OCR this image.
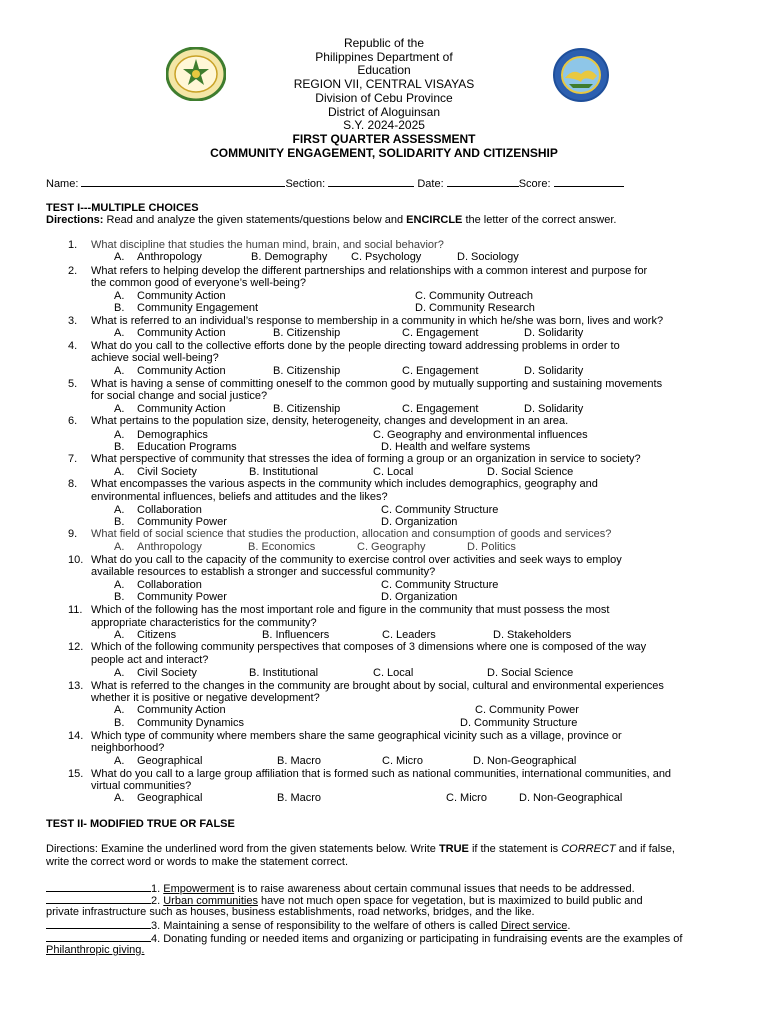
Republic of the
Philippines Department of
Education
REGION VII, CENTRAL VISAYAS
Division of Cebu Province
District of Aloguinsan
S.Y. 2024-2025
FIRST QUARTER ASSESSMENT
COMMUNITY ENGAGEMENT, SOLIDARITY AND CITIZENSHIP
Name:	Section:	Date:	Score:
TEST I---MULTIPLE CHOICES
Directions: Read and analyze the given statements/questions below and ENCIRCLE the letter of the correct answer.
1. What discipline that studies the human mind, brain, and social behavior?
A. Anthropology	B. Demography C. Psychology	D. Sociology
2. What refers to helping develop the different partnerships and relationships with a common interest and purpose for
the common good of everyone’s well-being?
A. Community Action	C. Community Outreach
B. Community Engagement	D. Community Research
3. What is referred to an individual’s response to membership in a community in which he/she was born, lives and work?
A. Community Action	B. Citizenship	C. Engagement	D. Solidarity
4. What do you call to the collective efforts done by the people directing toward addressing problems in order to
achieve social well-being?
A. Community Action	B. Citizenship	C. Engagement	D. Solidarity
5. What is having a sense of committing oneself to the common good by mutually supporting and sustaining movements
for social change and social justice?
A. Community Action	B. Citizenship	C. Engagement	D. Solidarity
6. What pertains to the population size, density, heterogeneity, changes and development in an area.
A. Demographics	C. Geography and environmental influences
B. Education Programs	D. Health and welfare systems
7. What perspective of community that stresses the idea of forming a group or an organization in service to society?
A. Civil Society	B. Institutional	C. Local	D. Social Science
8. What encompasses the various aspects in the community which includes demographics, geography and
environmental influences, beliefs and attitudes and the likes?
A. Collaboration	C. Community Structure
B. Community Power	D. Organization
9. What field of social science that studies the production, allocation and consumption of goods and services?
A. Anthropology	B. Economics	C. Geography	D. Politics
10. What do you call to the capacity of the community to exercise control over activities and seek ways to employ
available resources to establish a stronger and successful community?
A. Collaboration	C. Community Structure
B. Community Power	D. Organization
11. Which of the following has the most important role and figure in the community that must possess the most
appropriate characteristics for the community?
A. Citizens	B. Influencers	C. Leaders	D. Stakeholders
12. Which of the following community perspectives that composes of 3 dimensions where one is composed of the way
people act and interact?
A. Civil Society	B. Institutional	C. Local	D. Social Science
13. What is referred to the changes in the community are brought about by social, cultural and environmental experiences
whether it is positive or negative development?
A. Community Action	C. Community Power
B. Community Dynamics	D. Community Structure
14. Which type of community where members share the same geographical vicinity such as a village, province or
neighborhood?
A. Geographical	B. Macro	C. Micro	D. Non-Geographical
15. What do you call to a large group affiliation that is formed such as national communities, international communities, and
virtual communities?
A. Geographical	B. Macro	C. Micro	D. Non-Geographical
TEST II- MODIFIED TRUE OR FALSE
Directions: Examine the underlined word from the given statements below. Write TRUE if the statement is CORRECT and if false,
write the correct word or words to make the statement correct.
1. Empowerment is to raise awareness about certain communal issues that needs to be addressed.
2. Urban communities have not much open space for vegetation, but is maximized to build public and
private infrastructure such as houses, business establishments, road networks, bridges, and the like.
3. Maintaining a sense of responsibility to the welfare of others is called Direct service.
4. Donating funding or needed items and organizing or participating in fundraising events are the examples of
Philanthropic giving.
